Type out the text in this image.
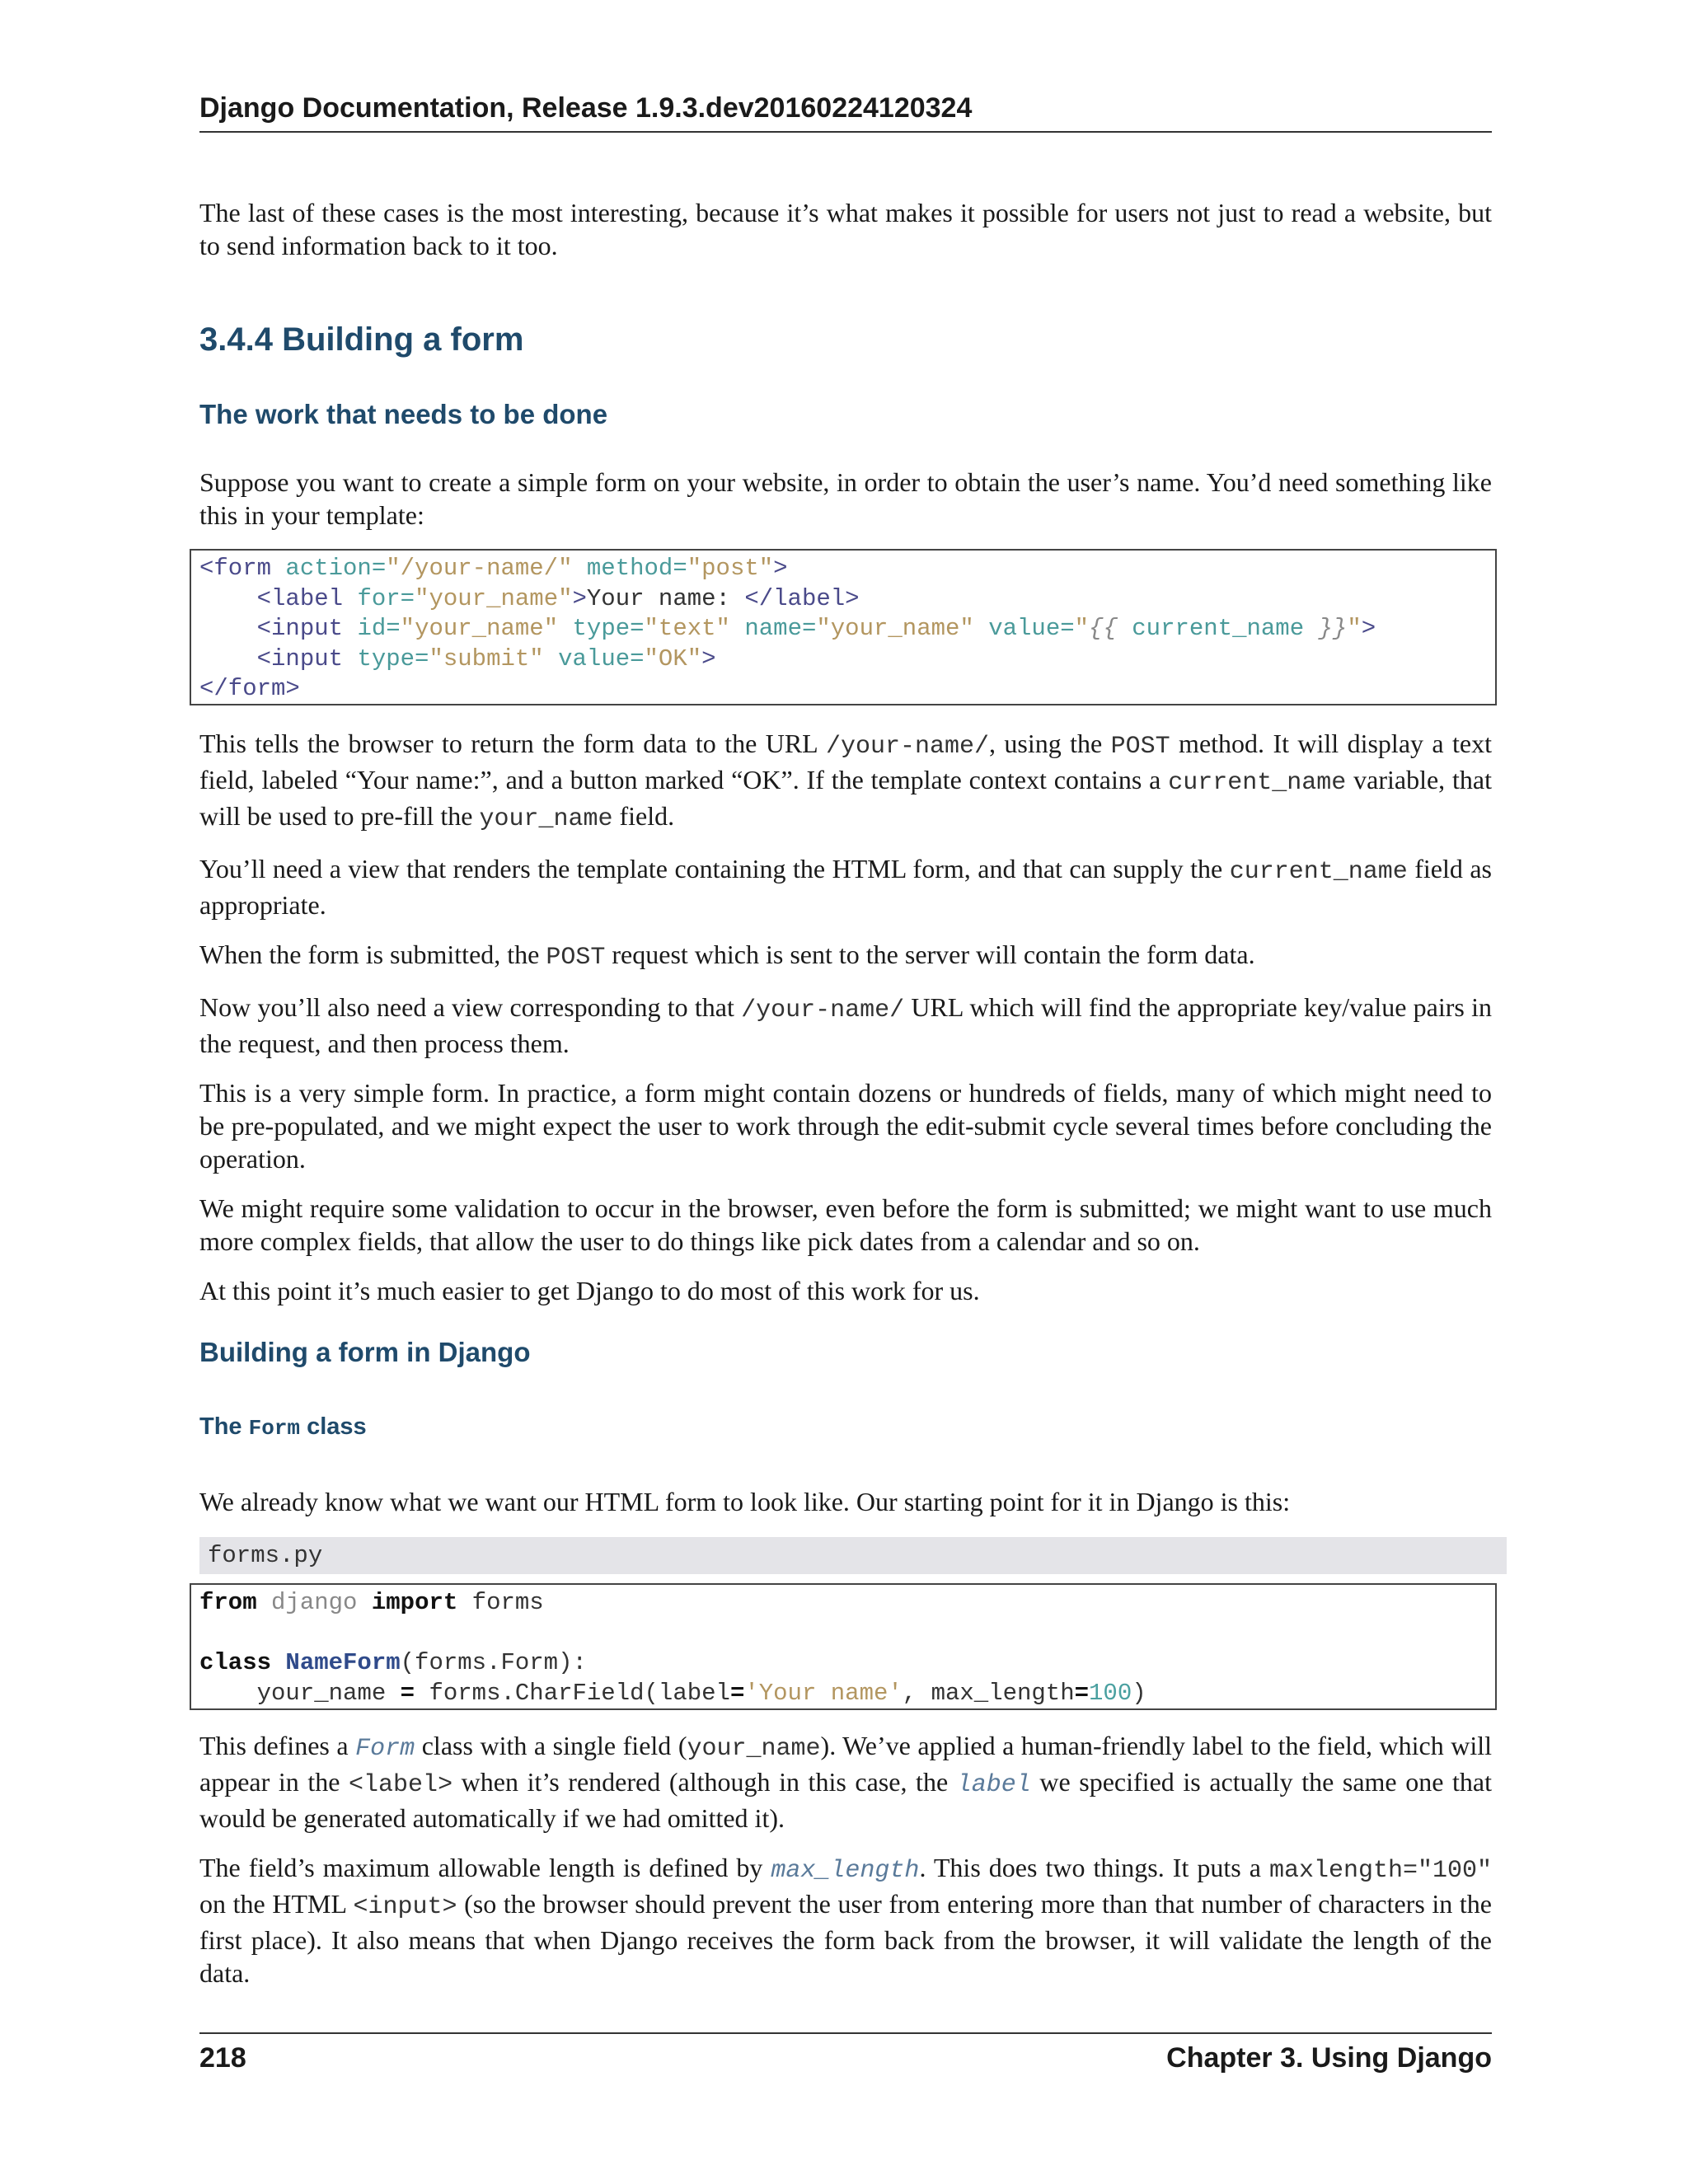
Django Documentation, Release 1.9.3.dev20160224120324

The last of these cases is the most interesting, because it’s what makes it possible for users not just to read a website, but to send information back to it too.

3.4.4 Building a form
The work that needs to be done

Suppose you want to create a simple form on your website, in order to obtain the user’s name. You’d need something like this in your template:

<form action="/your-name/" method="post">
<label for="your_name">Your name: </label>
<input id="your_name" type="text" name="your_name" value="{{ current_name }}">
<input type="submit" value="OK">
</form>

This tells the browser to return the form data to the URL /your-name/, using the POST method. It will display a text field, labeled “Your name:”, and a button marked “OK”. If the template context contains a current_name variable, that will be used to pre-fill the your_name field.

You’ll need a view that renders the template containing the HTML form, and that can supply the current_name field as appropriate.

When the form is submitted, the POST request which is sent to the server will contain the form data.

Now you’ll also need a view corresponding to that /your-name/ URL which will find the appropriate key/value pairs in the request, and then process them.

This is a very simple form. In practice, a form might contain dozens or hundreds of fields, many of which might need to be pre-populated, and we might expect the user to work through the edit-submit cycle several times before concluding the operation.

We might require some validation to occur in the browser, even before the form is submitted; we might want to use much more complex fields, that allow the user to do things like pick dates from a calendar and so on.

At this point it’s much easier to get Django to do most of this work for us.

Building a form in Django
The Form class

We already know what we want our HTML form to look like. Our starting point for it in Django is this:

forms.py
from django import forms

class NameForm(forms.Form):
your_name = forms.CharField(label='Your name', max_length=100)

This defines a Form class with a single field (your_name). We’ve applied a human-friendly label to the field, which will appear in the <label> when it’s rendered (although in this case, the label we specified is actually the same one that would be generated automatically if we had omitted it).

The field’s maximum allowable length is defined by max_length. This does two things. It puts a maxlength="100" on the HTML <input> (so the browser should prevent the user from entering more than that number of characters in the first place). It also means that when Django receives the form back from the browser, it will validate the length of the data.

218	Chapter 3. Using Django
